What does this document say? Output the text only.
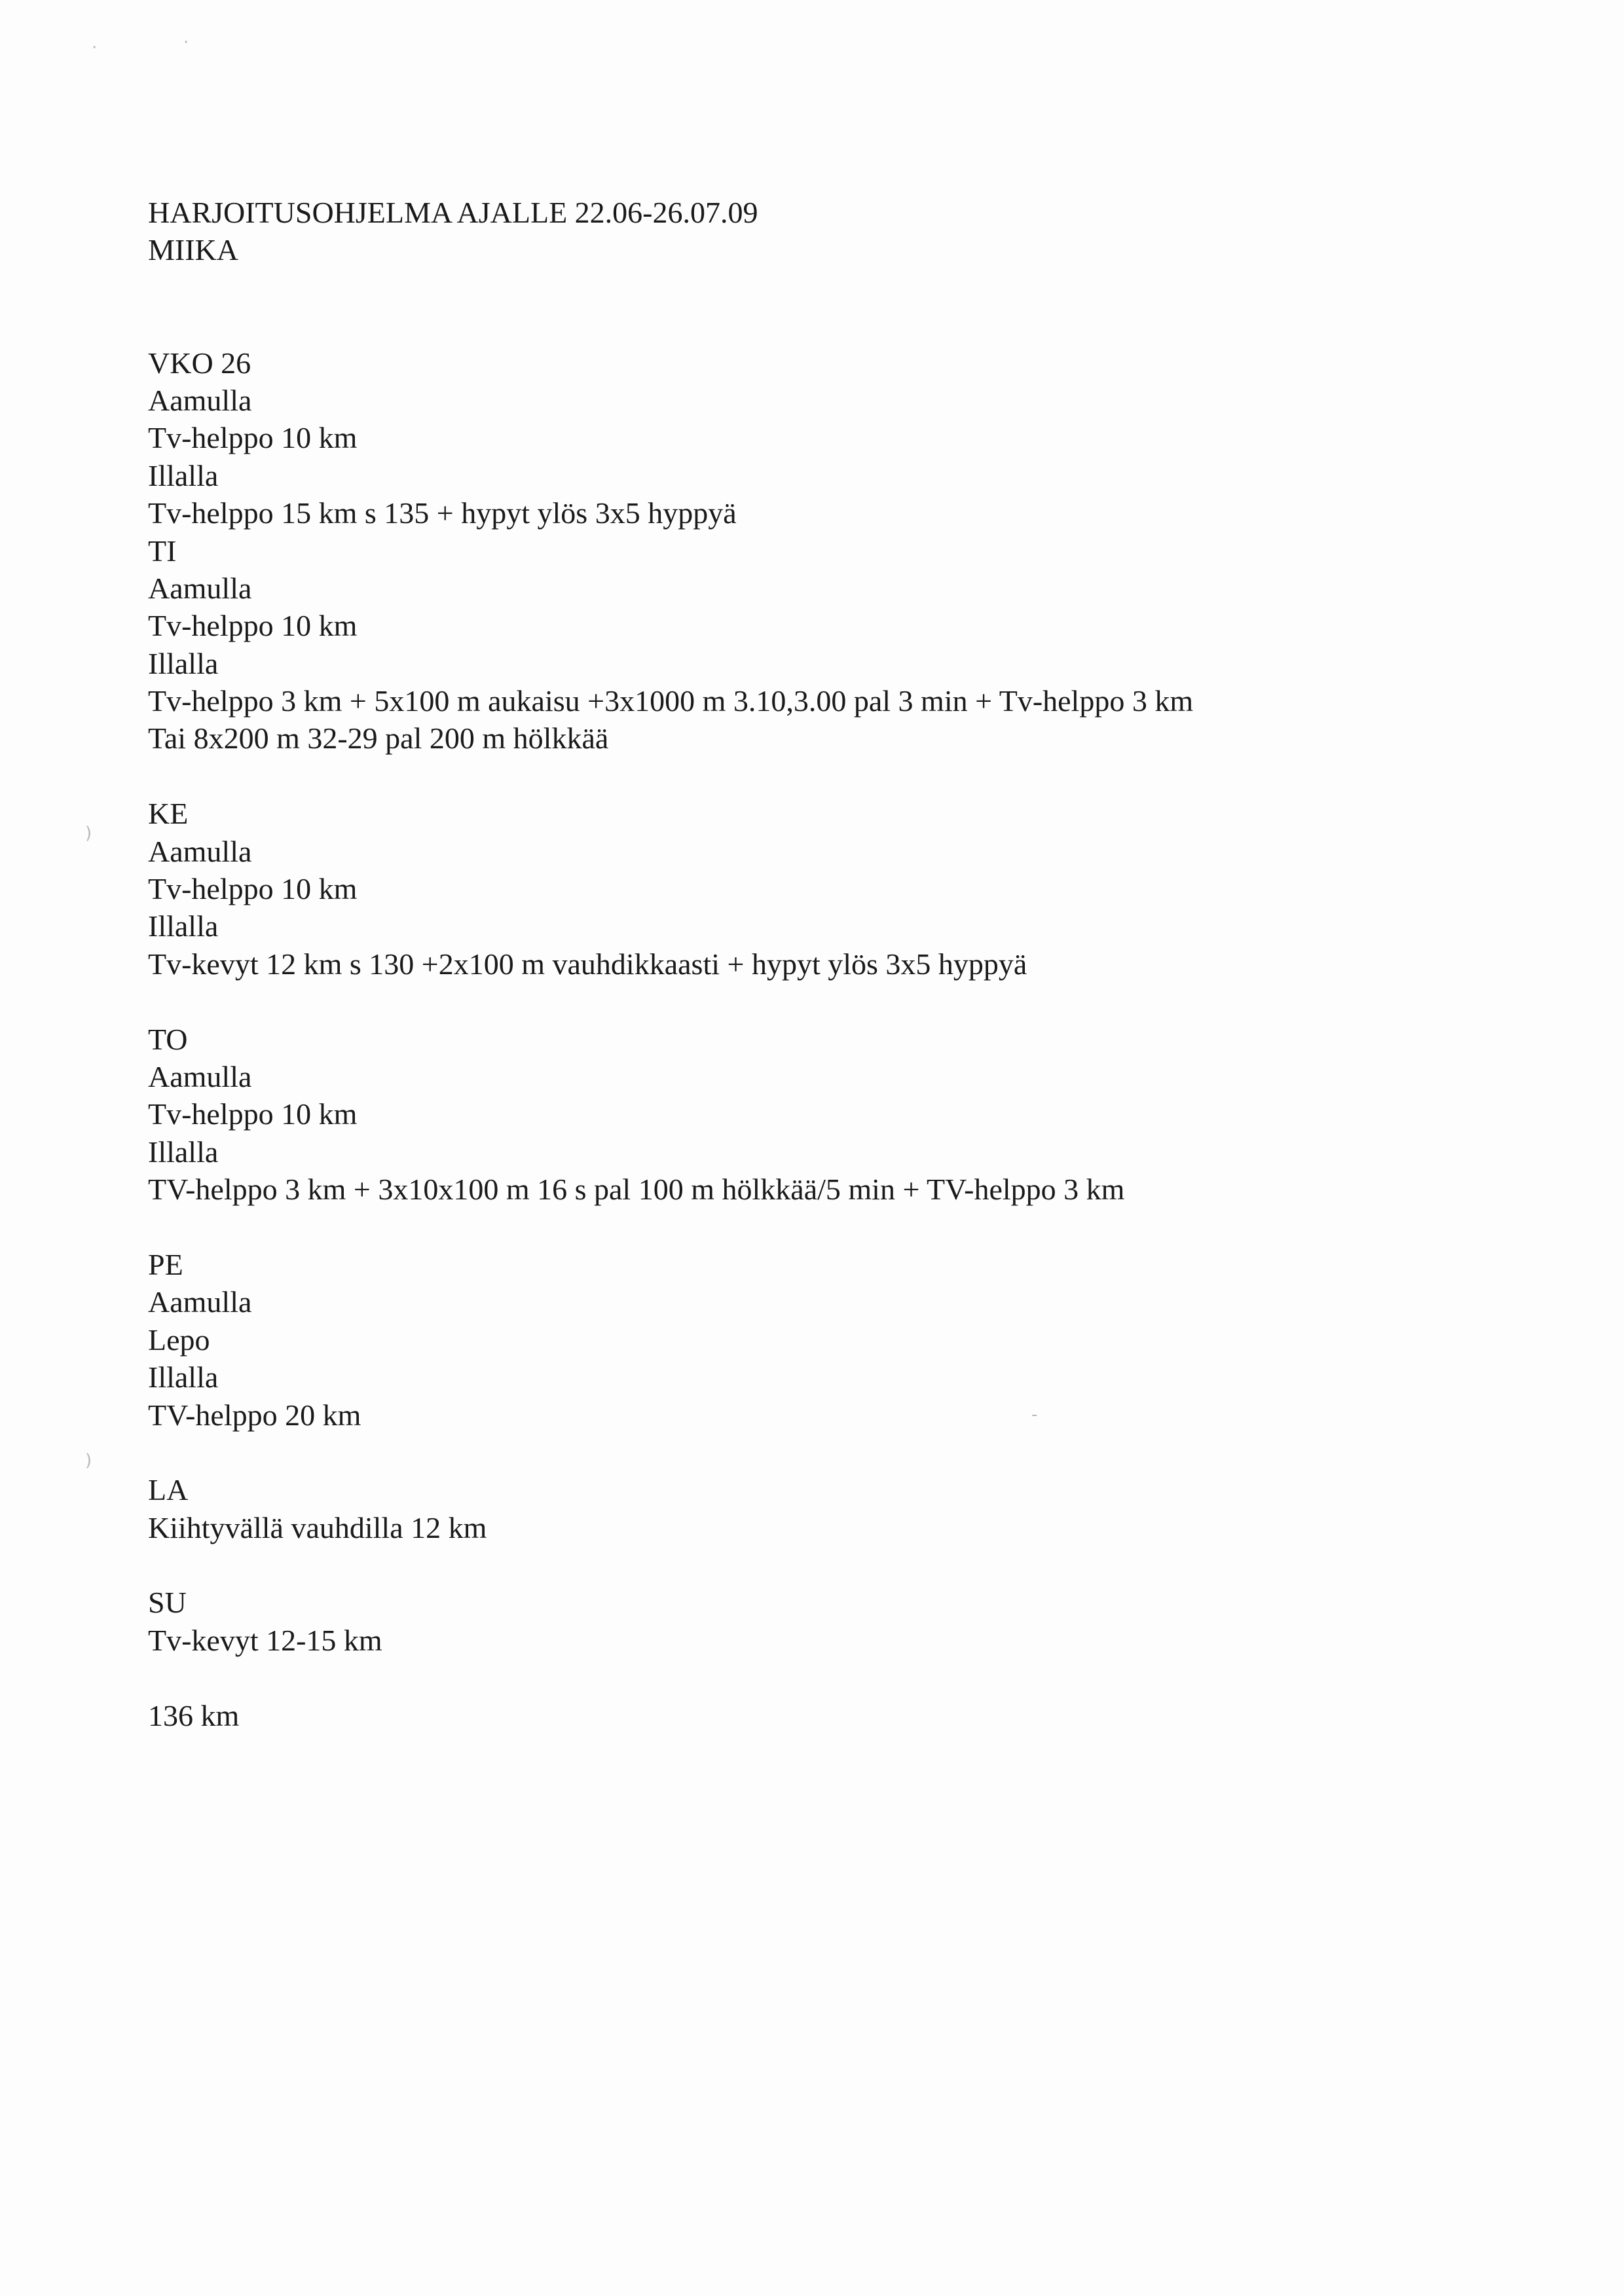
·	·
)
)
-
HARJOITUSOHJELMA AJALLE 22.06-26.07.09
MIIKA
VKO 26
Aamulla
Tv-helppo 10 km
Illalla
Tv-helppo 15 km s 135 + hypyt ylös 3x5 hyppyä
TI
Aamulla
Tv-helppo 10 km
Illalla
Tv-helppo 3 km + 5x100 m aukaisu +3x1000 m 3.10,3.00 pal 3 min + Tv-helppo 3 km
Tai 8x200 m 32-29 pal 200 m hölkkää
KE
Aamulla
Tv-helppo 10 km
Illalla
Tv-kevyt 12 km s 130 +2x100 m vauhdikkaasti + hypyt ylös 3x5 hyppyä
TO
Aamulla
Tv-helppo 10 km
Illalla
TV-helppo 3 km + 3x10x100 m 16 s pal 100 m hölkkää/5 min + TV-helppo 3 km
PE
Aamulla
Lepo
Illalla
TV-helppo 20 km
LA
Kiihtyvällä vauhdilla 12 km
SU
Tv-kevyt 12-15 km
136 km
